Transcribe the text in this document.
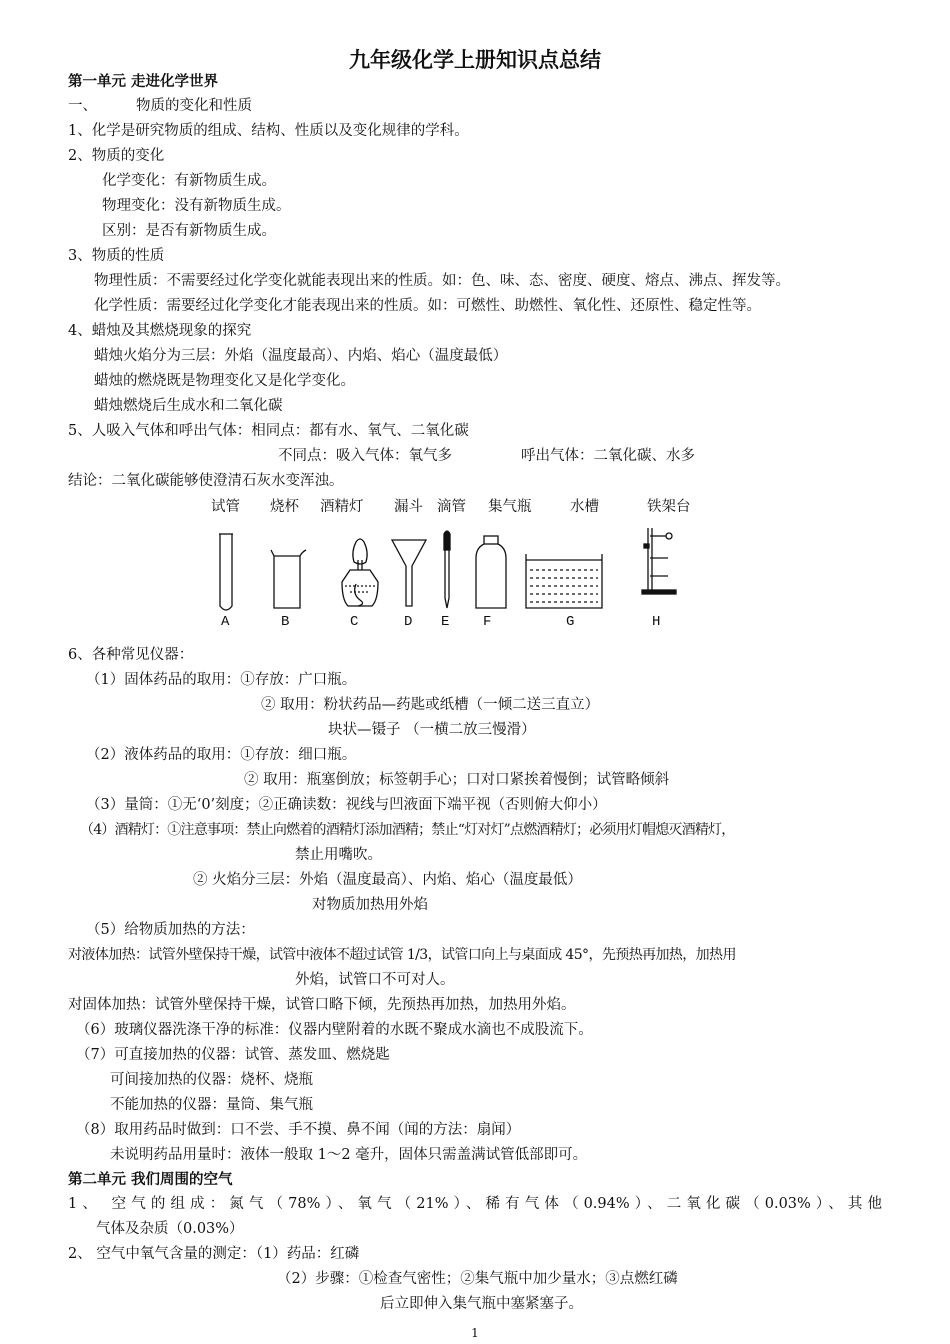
九年级化学上册知识点总结
第一单元 走进化学世界
一、	物质的变化和性质
1、化学是研究物质的组成、结构、性质以及变化规律的学科。
2、物质的变化
化学变化：有新物质生成。
物理变化：没有新物质生成。
区别：是否有新物质生成。
3、物质的性质
物理性质：不需要经过化学变化就能表现出来的性质。如：色、味、态、密度、硬度、熔点、沸点、挥发等。
化学性质：需要经过化学变化才能表现出来的性质。如：可燃性、助燃性、氧化性、还原性、稳定性等。
4、蜡烛及其燃烧现象的探究
蜡烛火焰分为三层：外焰（温度最高）、内焰、焰心（温度最低）
蜡烛的燃烧既是物理变化又是化学变化。
蜡烛燃烧后生成水和二氧化碳
5、人吸入气体和呼出气体：相同点：都有水、氧气、二氧化碳
不同点：吸入气体：氧气多	呼出气体：二氧化碳、水多
结论：二氧化碳能够使澄清石灰水变浑浊。
试管 烧杯 酒精灯 漏斗 滴管 集气瓶	水槽	铁架台
A	B	C	D E F	G	H
6、各种常见仪器：
（1）固体药品的取用：①存放：广口瓶。
② 取用：粉状药品—药匙或纸槽（一倾二送三直立）
块状—镊子 （一横二放三慢滑）
（2）液体药品的取用：①存放：细口瓶。
② 取用：瓶塞倒放；标签朝手心；口对口紧挨着慢倒；试管略倾斜
（3）量筒：①无‘0’刻度；②正确读数：视线与凹液面下端平视（否则俯大仰小）
（4）酒精灯：①注意事项：禁止向燃着的酒精灯添加酒精；禁止“灯对灯”点燃酒精灯；必须用灯帽熄灭酒精灯，
禁止用嘴吹。
② 火焰分三层：外焰（温度最高）、内焰、焰心（温度最低）
对物质加热用外焰
（5）给物质加热的方法：
对液体加热：试管外壁保持干燥，试管中液体不超过试管 1/3，试管口向上与桌面成 45°，先预热再加热，加热用
外焰，试管口不可对人。
对固体加热：试管外壁保持干燥，试管口略下倾，先预热再加热，加热用外焰。
（6）玻璃仪器洗涤干净的标准：仪器内壁附着的水既不聚成水滴也不成股流下。
（7）可直接加热的仪器：试管、蒸发皿、燃烧匙
可间接加热的仪器：烧杯、烧瓶
不能加热的仪器：量筒、集气瓶
（8）取用药品时做到：口不尝、手不摸、鼻不闻（闻的方法：扇闻）
未说明药品用量时：液体一般取 1～2 毫升，固体只需盖满试管低部即可。
第二单元 我们周围的空气
1、 空气的组成：氮气（78%）、氧气（21%）、稀有气体（0.94%）、二氧化碳（0.03%）、其他
气体及杂质（0.03%）
2、 空气中氧气含量的测定：（1）药品：红磷
（2）步骤：①检查气密性；②集气瓶中加少量水；③点燃红磷
后立即伸入集气瓶中塞紧塞子。
1
